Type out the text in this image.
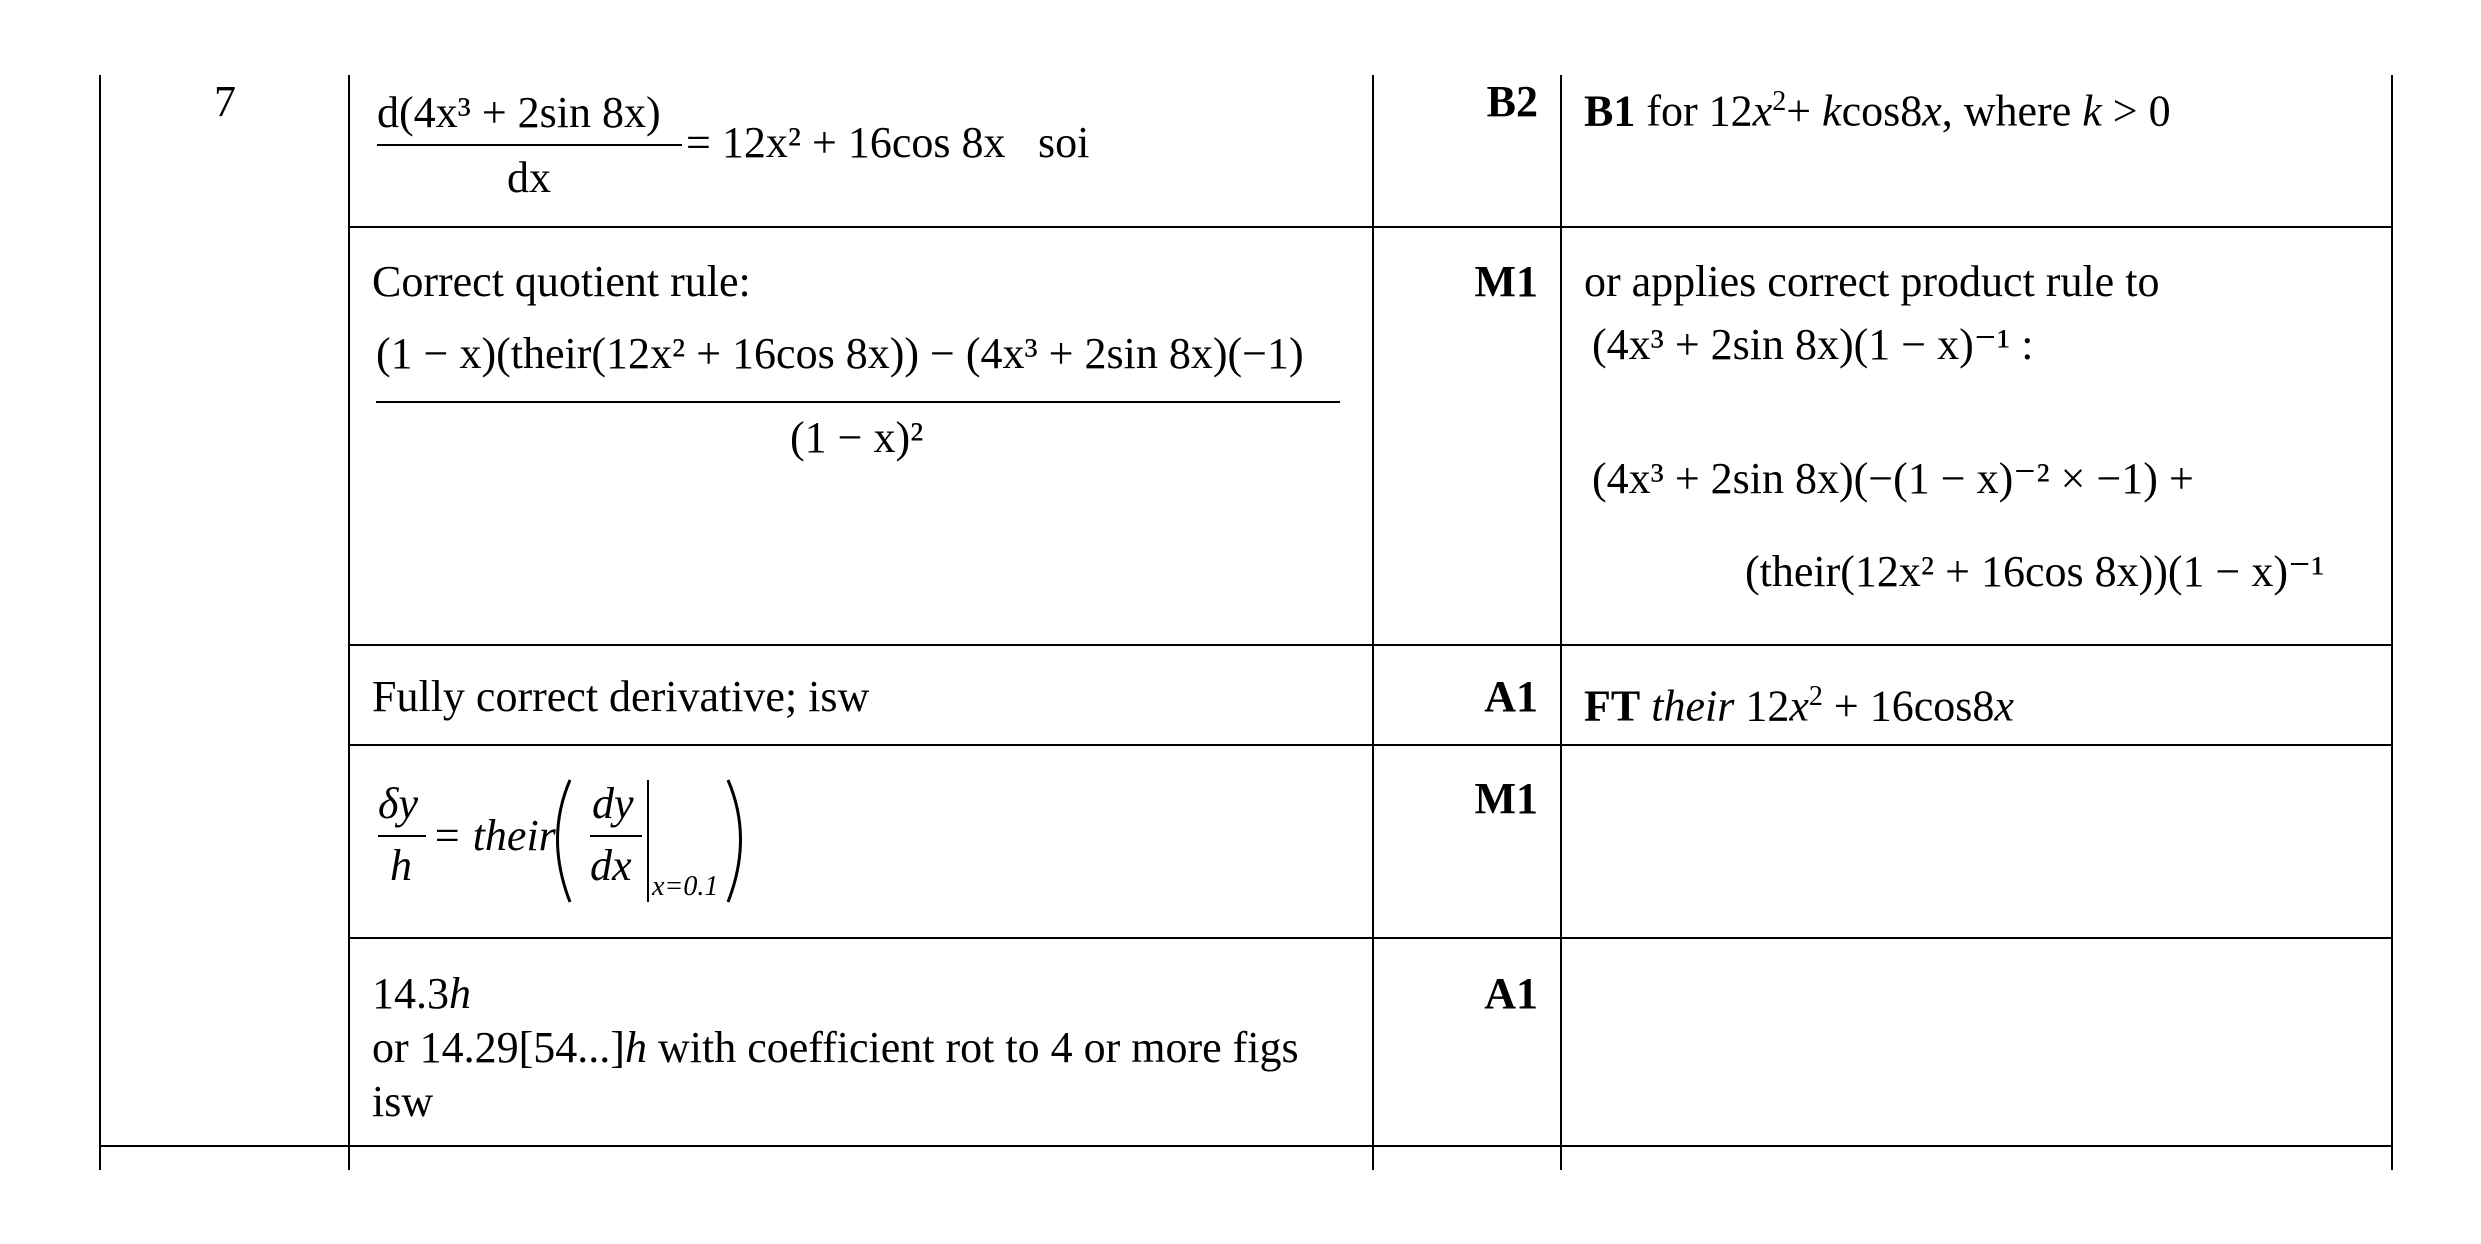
7	d(4x³ + 2sin 8x)
dx
= 12x² + 16cos 8x soi
B2 B1 for $12x^2+ kcos8x$, where k > 0
Correct quotient rule:
(1 − x)(their(12x² + 16cos 8x)) − (4x³ + 2sin 8x)(−1)
(1 − x)²
M1 or applies correct product rule to
(4x³ + 2sin 8x)(1 − x)⁻¹ :
(4x³ + 2sin 8x)(−(1 − x)⁻² × −1) +
(their(12x² + 16cos 8x))(1 − x)⁻¹
Fully correct derivative; isw	A1 FT their $12x^2 + 16\cos 8x$
δy
h
= their
dy
dx x=0.1
M1
14.3h
or 14.29[54...]h with coefficient rot to 4 or more figs
isw
A1
